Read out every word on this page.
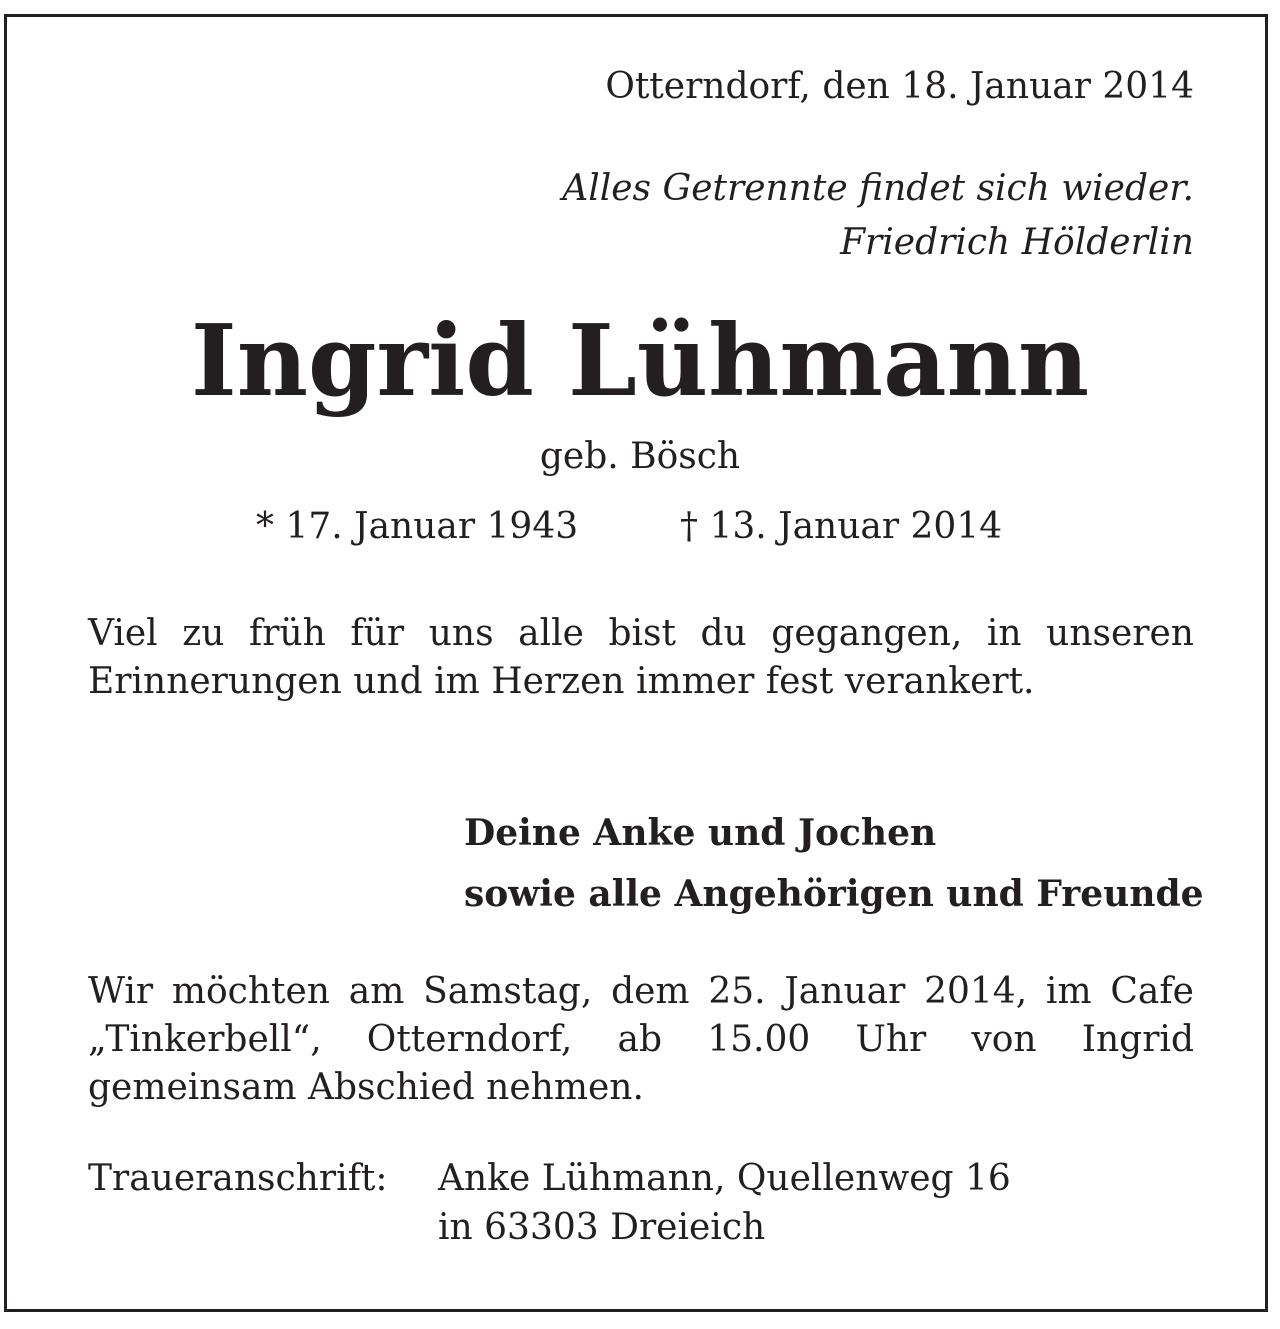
Otterndorf, den 18. Januar 2014
Alles Getrennte findet sich wieder.
Friedrich Hölderlin
Ingrid Lühmann
geb. Bösch
* 17. Januar 1943	† 13. Januar 2014
Viel zu früh für uns alle bist du gegangen, in unseren Erinnerungen und im Herzen immer fest verankert.
Deine Anke und Jochen
sowie alle Angehörigen und Freunde
Wir möchten am Samstag, dem 25. Januar 2014, im Cafe „Tinkerbell“, Otterndorf, ab 15.00 Uhr von Ingrid gemeinsam Abschied nehmen.
Traueranschrift: Anke Lühmann, Quellenweg 16
in 63303 Dreieich
